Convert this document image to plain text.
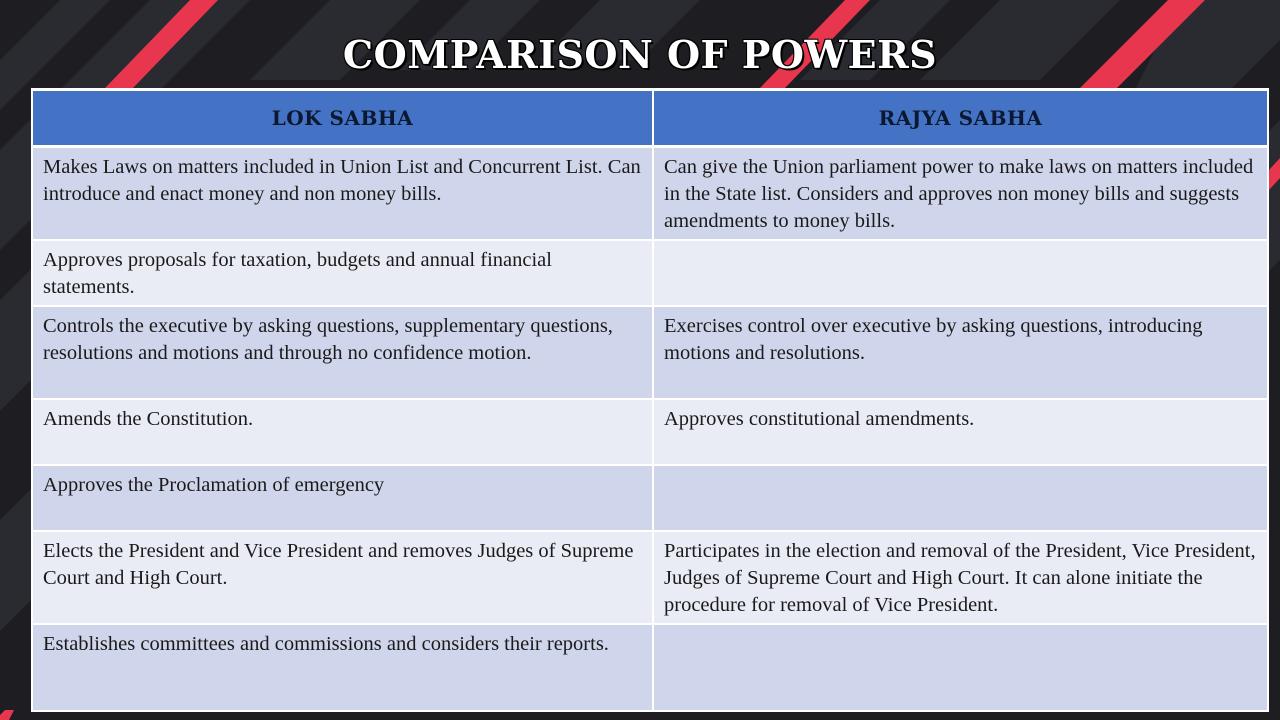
COMPARISON OF POWERS
LOK SABHA	RAJYA SABHA
Makes Laws on matters included in Union List and Concurrent List. Can introduce and enact money and non money bills.	Can give the Union parliament power to make laws on matters included in the State list. Considers and approves non money bills and suggests amendments to money bills.
Approves proposals for taxation, budgets and annual financial statements.	
Controls the executive by asking questions, supplementary questions, resolutions and motions and through no confidence motion.	Exercises control over executive by asking questions, introducing motions and resolutions.
Amends the Constitution.	Approves constitutional amendments.
Approves the Proclamation of emergency	
Elects the President and Vice President and removes Judges of Supreme Court and High Court.	Participates in the election and removal of the President, Vice President, Judges of Supreme Court and High Court. It can alone initiate the procedure for removal of Vice President.
Establishes committees and commissions and considers their reports.	
